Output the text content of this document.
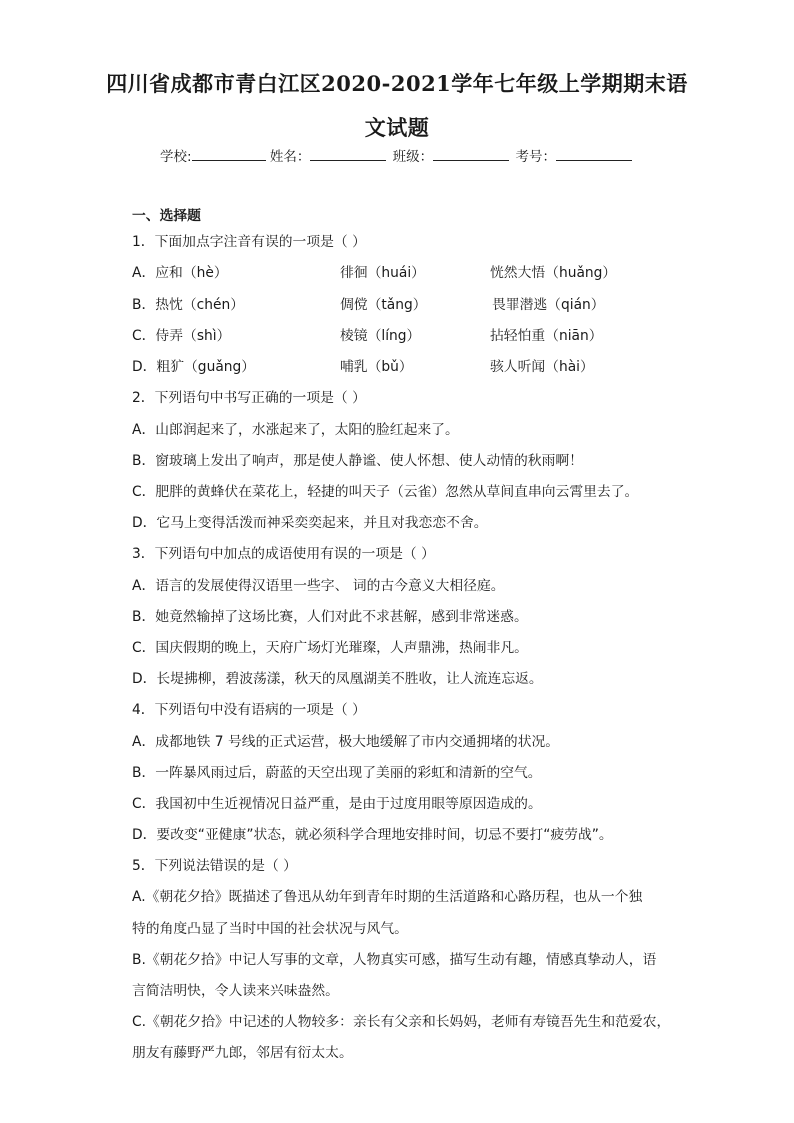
四川省成都市青白江区2020-2021学年七年级上学期期末语
文试题
学校:	姓名：	班级：	考号：
一、选择题
1．下面加点字注音有误的一项是（ ）
A．应和（hè）	徘徊（huái）	恍然大悟（huǎng）
B．热忱（chén）	倜傥（tǎng）	畏罪潜逃（qián）
C．侍弄（shì）	棱镜（líng）	拈轻怕重（niān）
D．粗犷（guǎng）	哺乳（bǔ）	骇人听闻（hài）
2．下列语句中书写正确的一项是（ ）
A．山郎润起来了，水涨起来了，太阳的脸红起来了。
B．窗玻璃上发出了响声，那是使人静谧、使人怀想、使人动情的秋雨啊！
C．肥胖的黄蜂伏在菜花上，轻捷的叫天子（云雀）忽然从草间直串向云霄里去了。
D．它马上变得活泼而神采奕奕起来，并且对我恋恋不舍。
3．下列语句中加点的成语使用有误的一项是（ ）
A．语言的发展使得汉语里一些字、 词的古今意义大相径庭。
B．她竟然输掉了这场比赛，人们对此不求甚解，感到非常迷惑。
C．国庆假期的晚上，天府广场灯光璀璨，人声鼎沸，热闹非凡。
D．长堤拂柳，碧波荡漾，秋天的凤凰湖美不胜收，让人流连忘返。
4．下列语句中没有语病的一项是（ ）
A．成都地铁 7 号线的正式运营，极大地缓解了市内交通拥堵的状况。
B．一阵暴风雨过后，蔚蓝的天空出现了美丽的彩虹和清新的空气。
C．我国初中生近视情况日益严重，是由于过度用眼等原因造成的。
D．要改变“亚健康”状态，就必须科学合理地安排时间，切忌不要打“疲劳战”。
5．下列说法错误的是（ ）
A.《朝花夕拾》既描述了鲁迅从幼年到青年时期的生活道路和心路历程，也从一个独
特的角度凸显了当时中国的社会状况与风气。
B.《朝花夕拾》中记人写事的文章，人物真实可感，描写生动有趣，情感真挚动人，语
言简洁明快，令人读来兴味盎然。
C.《朝花夕拾》中记述的人物较多：亲长有父亲和长妈妈，老师有寿镜吾先生和范爱农，
朋友有藤野严九郎，邻居有衍太太。
